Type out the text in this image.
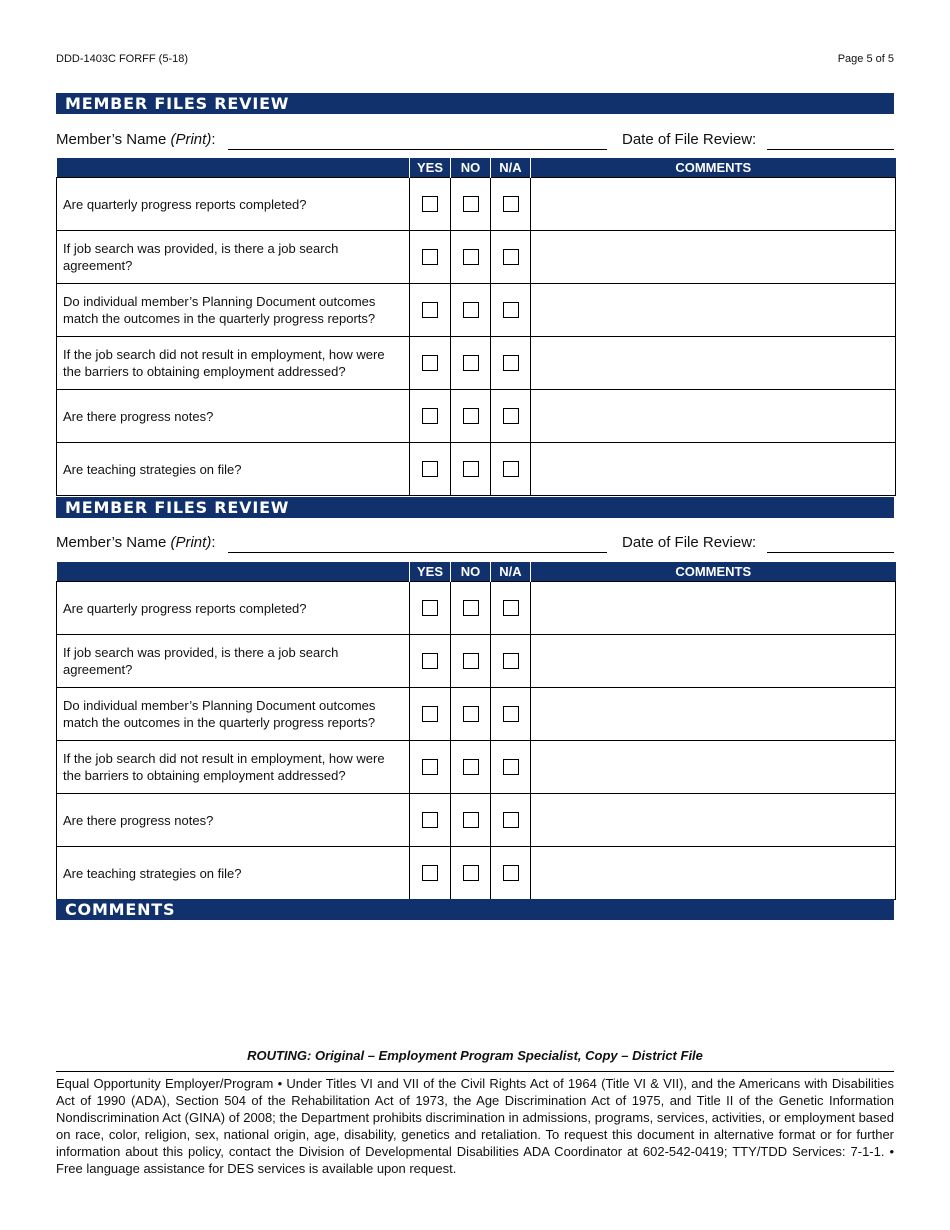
DDD-1403C FORFF (5-18)	Page 5 of 5
MEMBER FILES REVIEW
Member’s Name (Print):	Date of File Review:
	YES	NO	N/A	COMMENTS
Are quarterly progress reports completed?				
If job search was provided, is there a job search agreement?				
Do individual member’s Planning Document outcomes match the outcomes in the quarterly progress reports?				
If the job search did not result in employment, how were the barriers to obtaining employment addressed?				
Are there progress notes?				
Are teaching strategies on file?				
MEMBER FILES REVIEW
Member’s Name (Print):	Date of File Review:
	YES	NO	N/A	COMMENTS
Are quarterly progress reports completed?				
If job search was provided, is there a job search agreement?				
Do individual member’s Planning Document outcomes match the outcomes in the quarterly progress reports?				
If the job search did not result in employment, how were the barriers to obtaining employment addressed?				
Are there progress notes?				
Are teaching strategies on file?				
COMMENTS
ROUTING: Original – Employment Program Specialist, Copy – District File
Equal Opportunity Employer/Program • Under Titles VI and VII of the Civil Rights Act of 1964 (Title VI & VII), and the Americans with Disabilities Act of 1990 (ADA), Section 504 of the Rehabilitation Act of 1973, the Age Discrimination Act of 1975, and Title II of the Genetic Information Nondiscrimination Act (GINA) of 2008; the Department prohibits discrimination in admissions, programs, services, activities, or employment based on race, color, religion, sex, national origin, age, disability, genetics and retaliation. To request this document in alternative format or for further information about this policy, contact the Division of Developmental Disabilities ADA Coordinator at 602-542-0419; TTY/TDD Services: 7-1-1. • Free language assistance for DES services is available upon request.
